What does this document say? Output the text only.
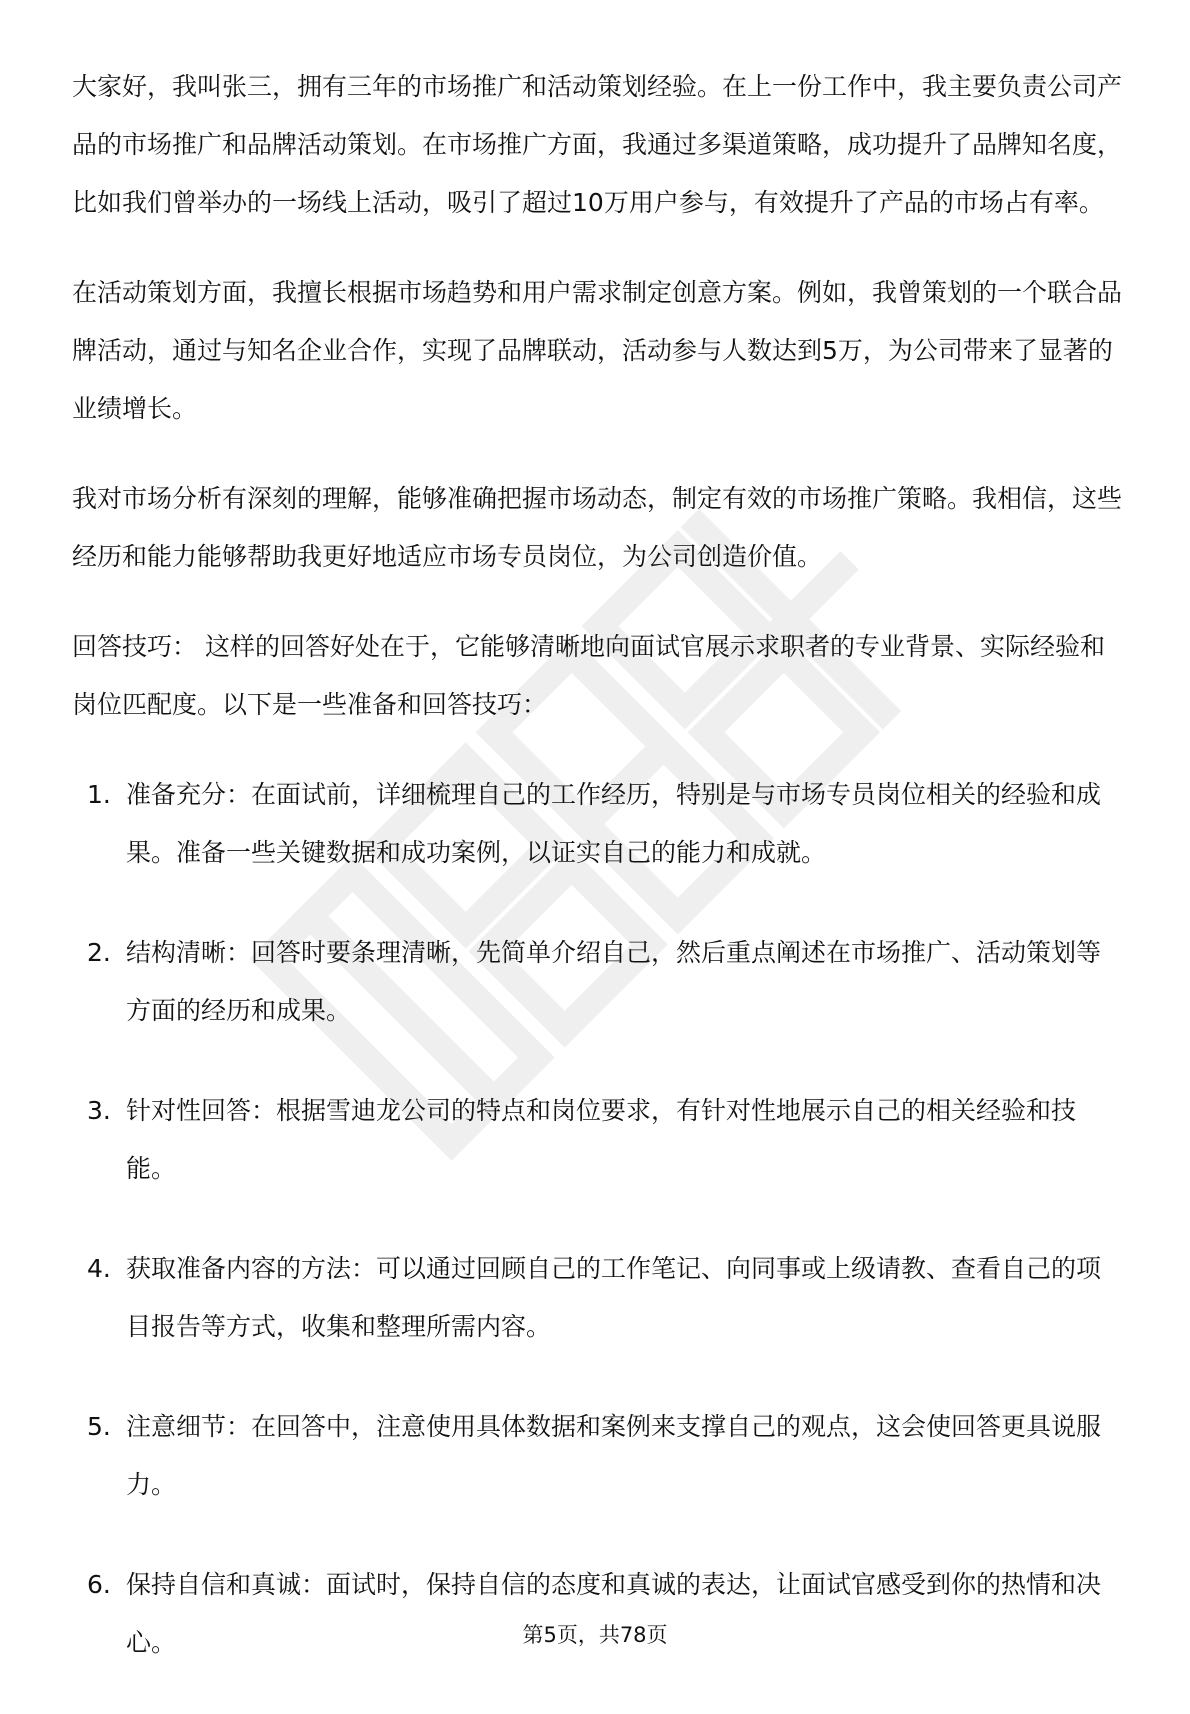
大家好，我叫张三，拥有三年的市场推广和活动策划经验。在上一份工作中，我主要负责公司产品的市场推广和品牌活动策划。在市场推广方面，我通过多渠道策略，成功提升了品牌知名度，比如我们曾举办的一场线上活动，吸引了超过10万用户参与，有效提升了产品的市场占有率。

在活动策划方面，我擅长根据市场趋势和用户需求制定创意方案。例如，我曾策划的一个联合品牌活动，通过与知名企业合作，实现了品牌联动，活动参与人数达到5万，为公司带来了显著的业绩增长。

我对市场分析有深刻的理解，能够准确把握市场动态，制定有效的市场推广策略。我相信，这些经历和能力能够帮助我更好地适应市场专员岗位，为公司创造价值。

回答技巧： 这样的回答好处在于，它能够清晰地向面试官展示求职者的专业背景、实际经验和岗位匹配度。以下是一些准备和回答技巧：

1. 准备充分：在面试前，详细梳理自己的工作经历，特别是与市场专员岗位相关的经验和成果。准备一些关键数据和成功案例，以证实自己的能力和成就。
2. 结构清晰：回答时要条理清晰，先简单介绍自己，然后重点阐述在市场推广、活动策划等方面的经历和成果。
3. 针对性回答：根据雪迪龙公司的特点和岗位要求，有针对性地展示自己的相关经验和技能。
4. 获取准备内容的方法：可以通过回顾自己的工作笔记、向同事或上级请教、查看自己的项目报告等方式，收集和整理所需内容。
5. 注意细节：在回答中，注意使用具体数据和案例来支撑自己的观点，这会使回答更具说服力。
6. 保持自信和真诚：面试时，保持自信的态度和真诚的表达，让面试官感受到你的热情和决心。	第5页，共78页
